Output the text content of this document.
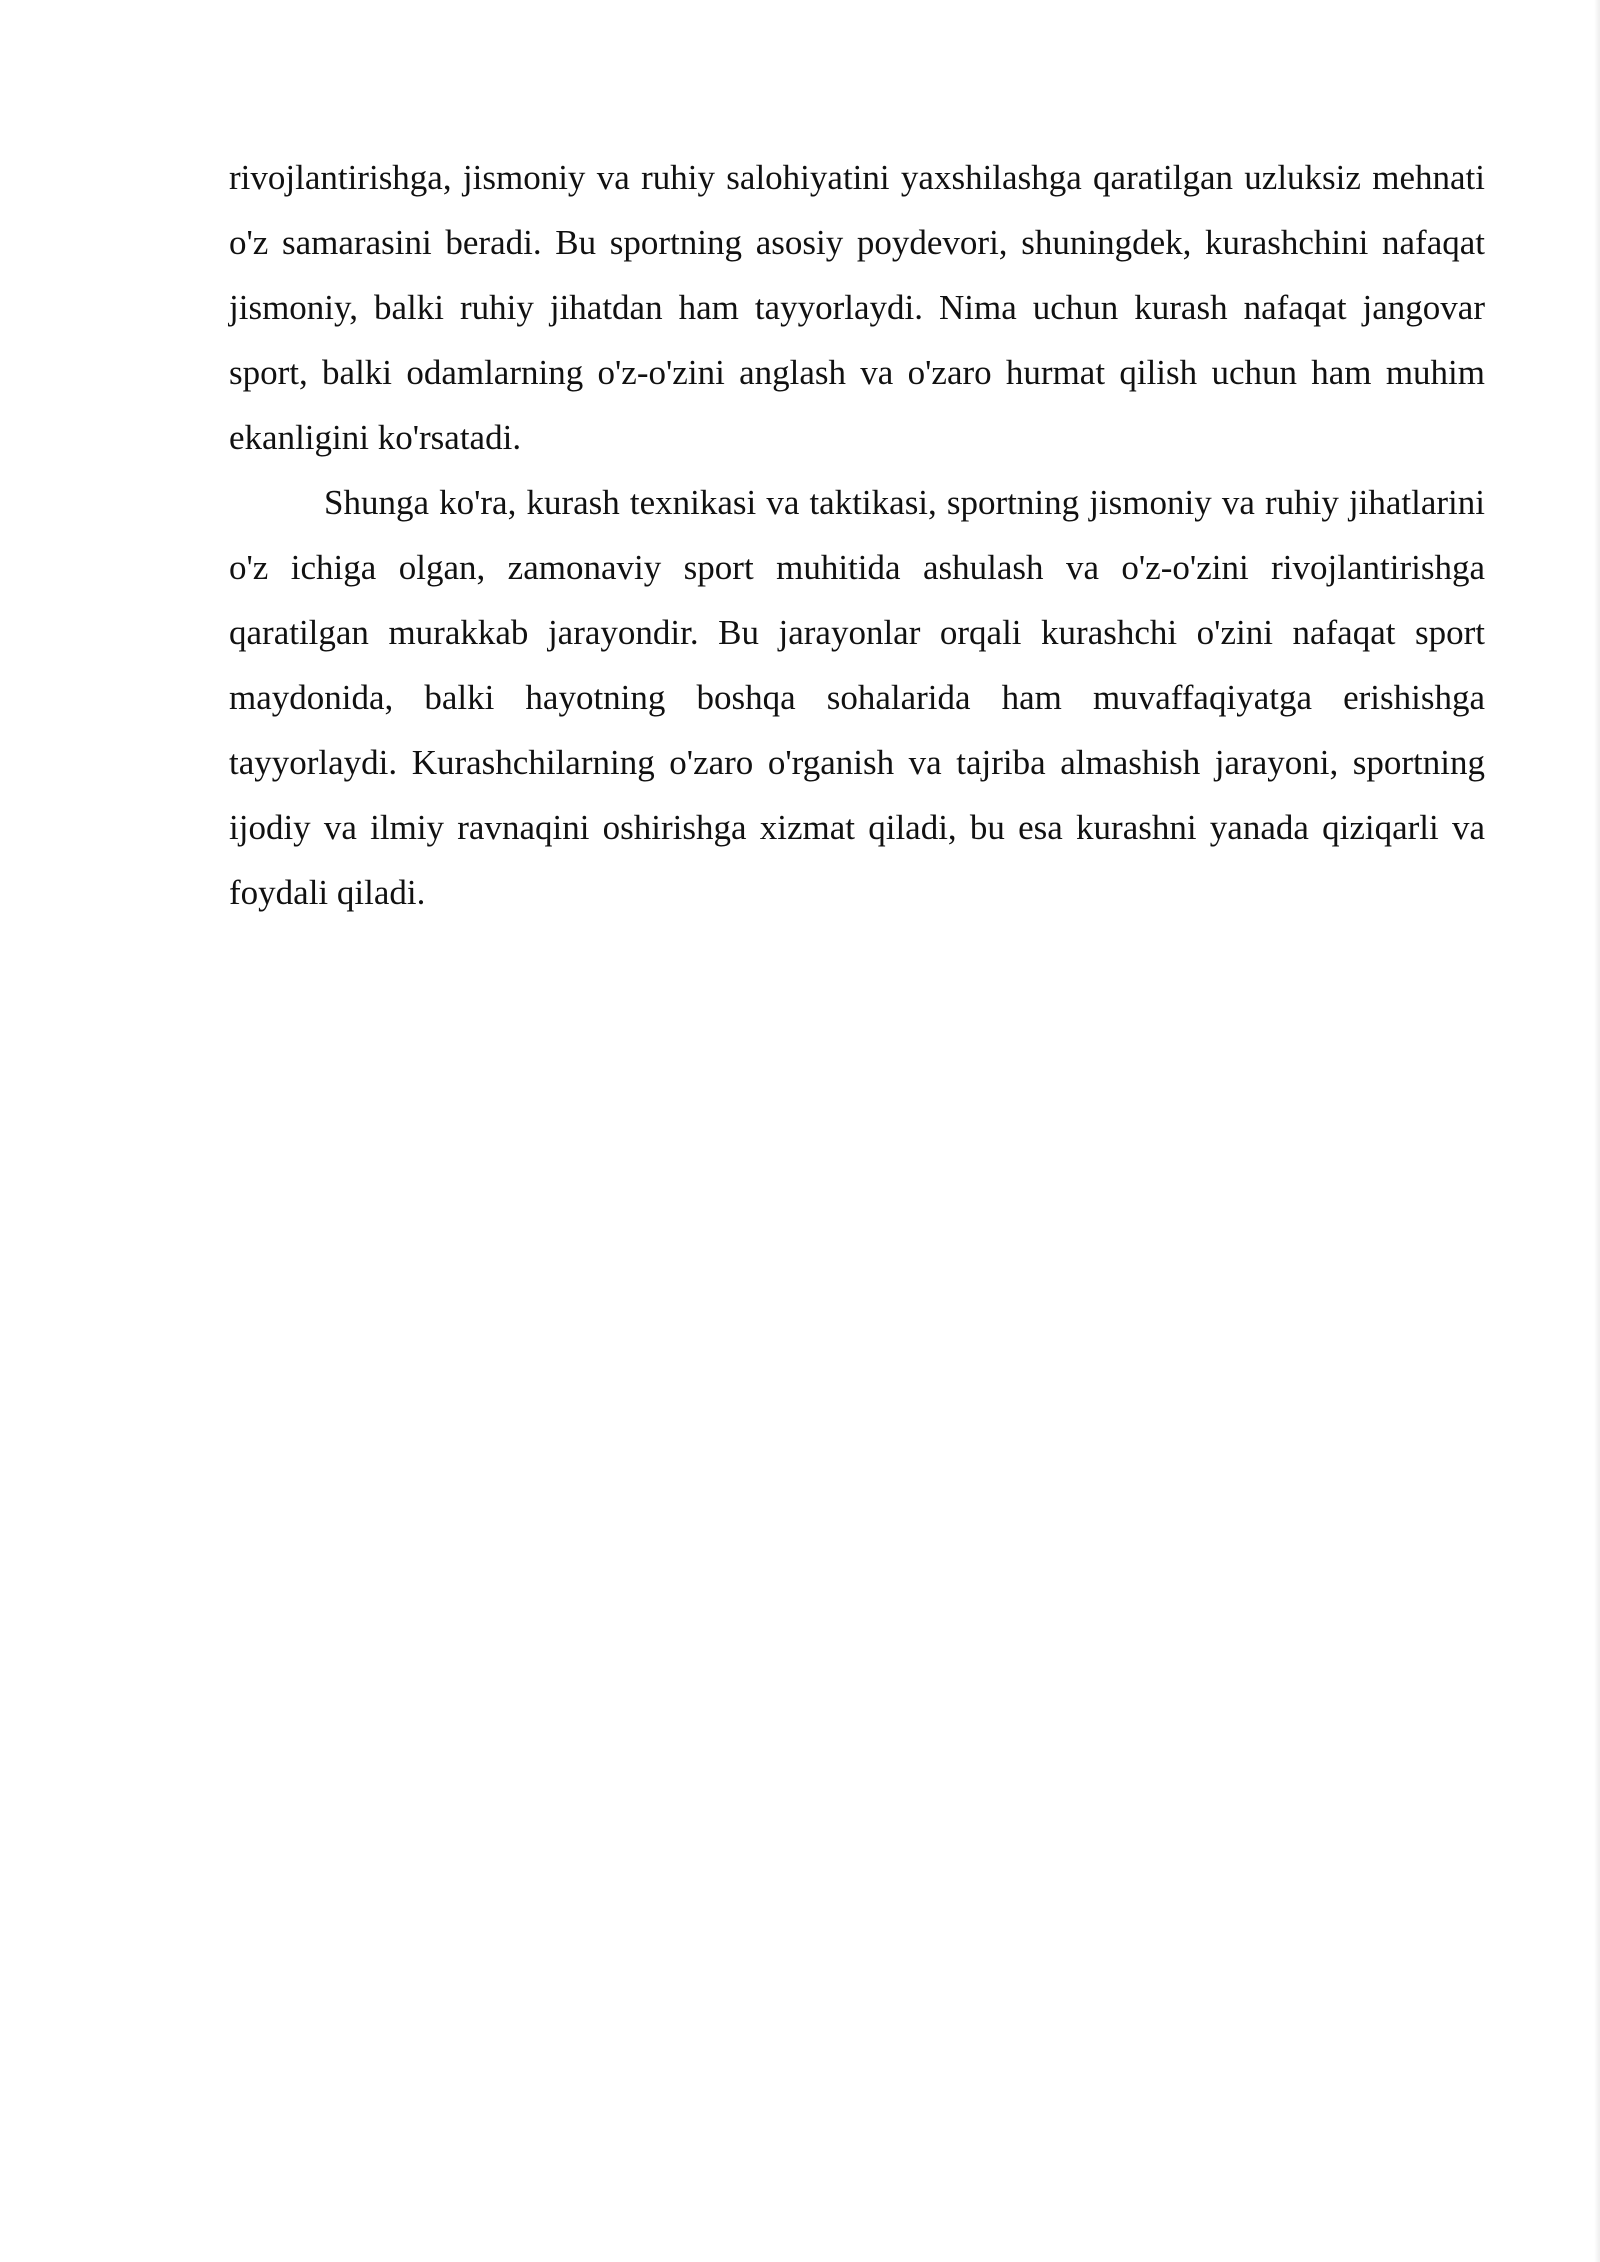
rivojlantirishga, jismoniy va ruhiy salohiyatini yaxshilashga qaratilgan uzluksiz mehnati o'z samarasini beradi. Bu sportning asosiy poydevori, shuningdek, kurashchini nafaqat jismoniy, balki ruhiy jihatdan ham tayyorlaydi. Nima uchun kurash nafaqat jangovar sport, balki odamlarning o'z-o'zini anglash va o'zaro hurmat qilish uchun ham muhim ekanligini ko'rsatadi.

Shunga ko'ra, kurash texnikasi va taktikasi, sportning jismoniy va ruhiy jihatlarini o'z ichiga olgan, zamonaviy sport muhitida ashulash va o'z-o'zini rivojlantirishga qaratilgan murakkab jarayondir. Bu jarayonlar orqali kurashchi o'zini nafaqat sport maydonida, balki hayotning boshqa sohalarida ham muvaffaqiyatga erishishga tayyorlaydi. Kurashchilarning o'zaro o'rganish va tajriba almashish jarayoni, sportning ijodiy va ilmiy ravnaqini oshirishga xizmat qiladi, bu esa kurashni yanada qiziqarli va foydali qiladi.
